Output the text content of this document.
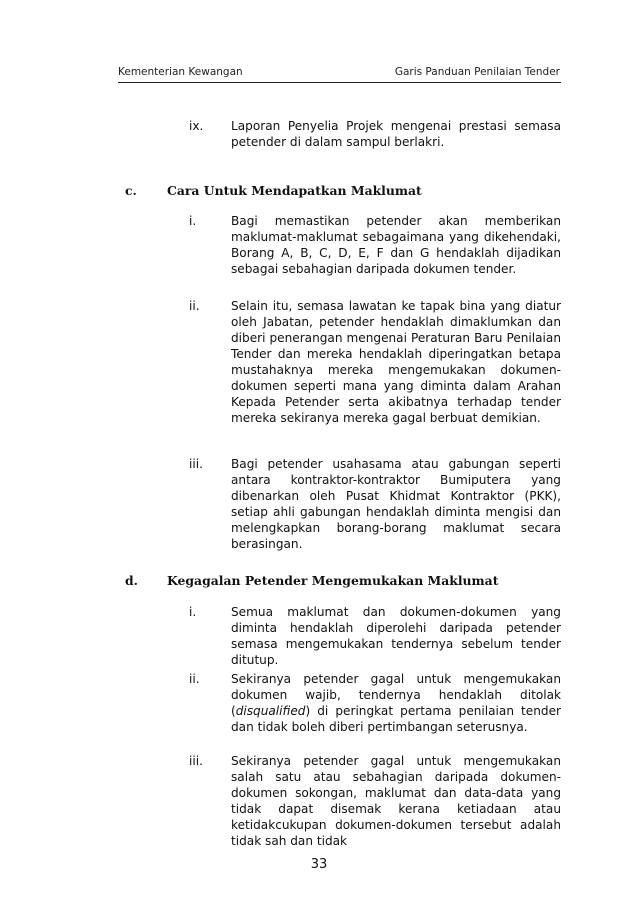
Kementerian Kewangan	Garis Panduan Penilaian Tender
ix. Laporan Penyelia Projek mengenai prestasi semasa petender di dalam sampul berlakri.
c. Cara Untuk Mendapatkan Maklumat
i.	Bagi memastikan petender akan memberikan maklumat-maklumat sebagaimana yang dikehendaki, Borang A, B, C, D, E, F dan G hendaklah dijadikan sebagai sebahagian daripada dokumen tender.
ii.	Selain itu, semasa lawatan ke tapak bina yang diatur oleh Jabatan, petender hendaklah dimaklumkan dan diberi penerangan mengenai Peraturan Baru Penilaian Tender dan mereka hendaklah diperingatkan betapa mustahaknya mereka mengemukakan dokumen-dokumen seperti mana yang diminta dalam Arahan Kepada Petender serta akibatnya terhadap tender mereka sekiranya mereka gagal berbuat demikian.
iii. Bagi petender usahasama atau gabungan seperti antara kontraktor-kontraktor Bumiputera yang dibenarkan oleh Pusat Khidmat Kontraktor (PKK), setiap ahli gabungan hendaklah diminta mengisi dan melengkapkan borang-borang maklumat secara berasingan.
d. Kegagalan Petender Mengemukakan Maklumat
i.	Semua maklumat dan dokumen-dokumen yang diminta hendaklah diperolehi daripada petender semasa mengemukakan tendernya sebelum tender ditutup.
ii.	Sekiranya petender gagal untuk mengemukakan dokumen wajib, tendernya hendaklah ditolak (disqualified) di peringkat pertama penilaian tender dan tidak boleh diberi pertimbangan seterusnya.
iii. Sekiranya petender gagal untuk mengemukakan salah satu atau sebahagian daripada dokumen-dokumen sokongan, maklumat dan data-data yang tidak dapat disemak kerana ketiadaan atau ketidakcukupan dokumen-dokumen tersebut adalah tidak sah dan tidak
33
